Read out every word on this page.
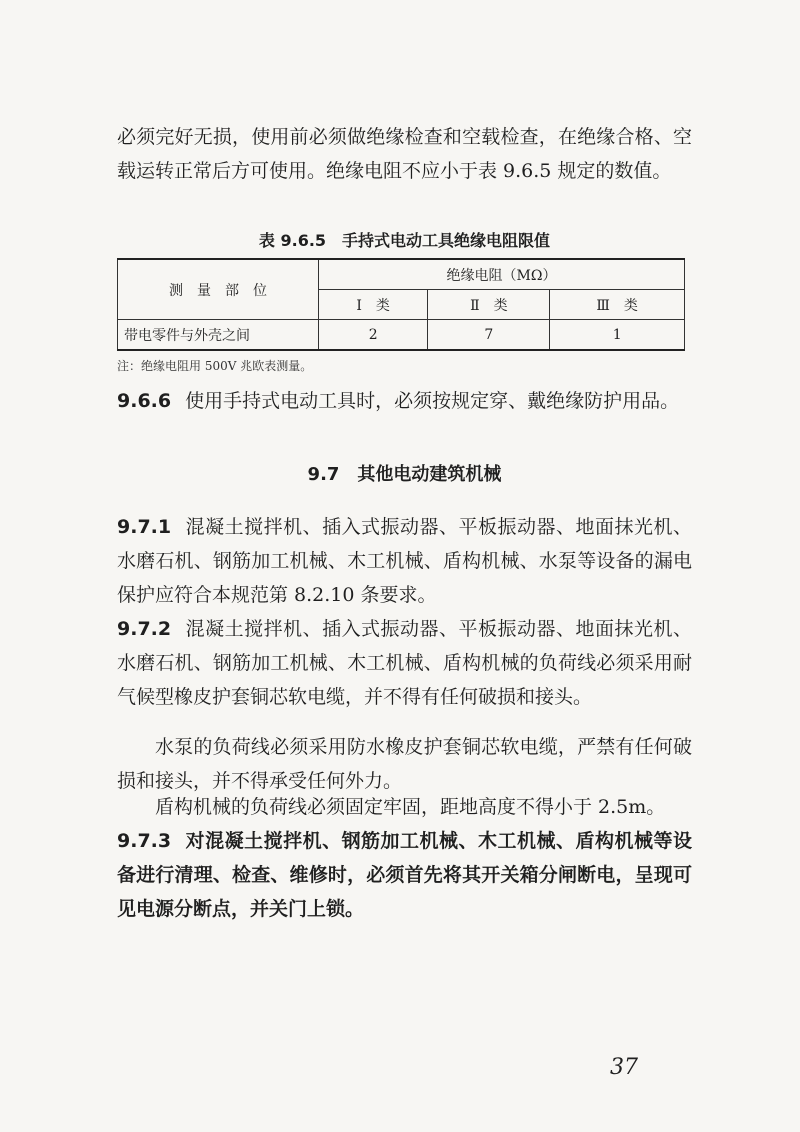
必须完好无损，使用前必须做绝缘检查和空载检查，在绝缘合格、空载运转正常后方可使用。绝缘电阻不应小于表 9.6.5 规定的数值。

表 9.6.5　手持式电动工具绝缘电阻限值
测　量　部　位	绝缘电阻（MΩ）		
	Ⅰ　类	Ⅱ　类	Ⅲ　类
带电零件与外壳之间	2	7	1
注：绝缘电阻用 500V 兆欧表测量。

9.6.6 使用手持式电动工具时，必须按规定穿、戴绝缘防护用品。

9.7　其他电动建筑机械

9.7.1 混凝土搅拌机、插入式振动器、平板振动器、地面抹光机、水磨石机、钢筋加工机械、木工机械、盾构机械、水泵等设备的漏电保护应符合本规范第 8.2.10 条要求。

9.7.2 混凝土搅拌机、插入式振动器、平板振动器、地面抹光机、水磨石机、钢筋加工机械、木工机械、盾构机械的负荷线必须采用耐气候型橡皮护套铜芯软电缆，并不得有任何破损和接头。

水泵的负荷线必须采用防水橡皮护套铜芯软电缆，严禁有任何破损和接头，并不得承受任何外力。

盾构机械的负荷线必须固定牢固，距地高度不得小于 2.5m。

9.7.3 对混凝土搅拌机、钢筋加工机械、木工机械、盾构机械等设备进行清理、检查、维修时，必须首先将其开关箱分闸断电，呈现可见电源分断点，并关门上锁。

37
